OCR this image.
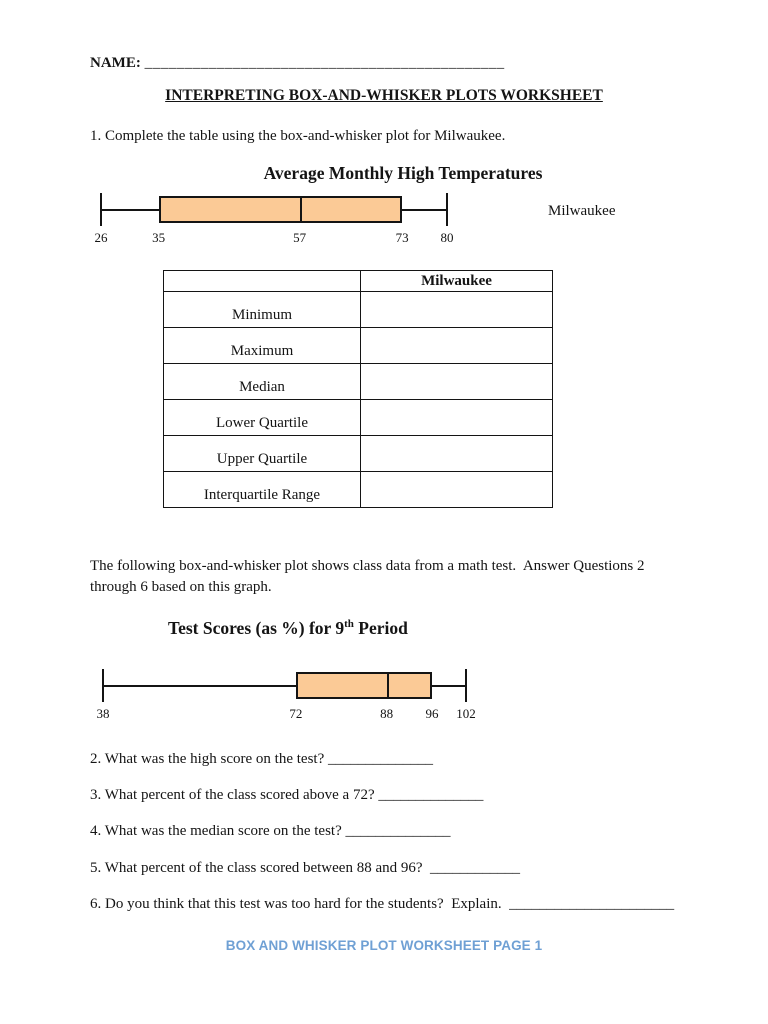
NAME: _____________________________________________
INTERPRETING BOX-AND-WHISKER PLOTS WORKSHEET
1. Complete the table using the box-and-whisker plot for Milwaukee.
Average Monthly High Temperatures
26	35	57	73	80
Milwaukee
	Milwaukee
Minimum	
Maximum	
Median	
Lower Quartile	
Upper Quartile	
Interquartile Range	
The following box-and-whisker plot shows class data from a math test.  Answer Questions 2 through 6 based on this graph.
Test Scores (as %) for 9th Period
38	72	88	96	102
2. What was the high score on the test? ______________
3. What percent of the class scored above a 72? ______________
4. What was the median score on the test? ______________
5. What percent of the class scored between 88 and 96?  ____________
6. Do you think that this test was too hard for the students?  Explain.  ______________________
BOX AND WHISKER PLOT WORKSHEET PAGE 1
